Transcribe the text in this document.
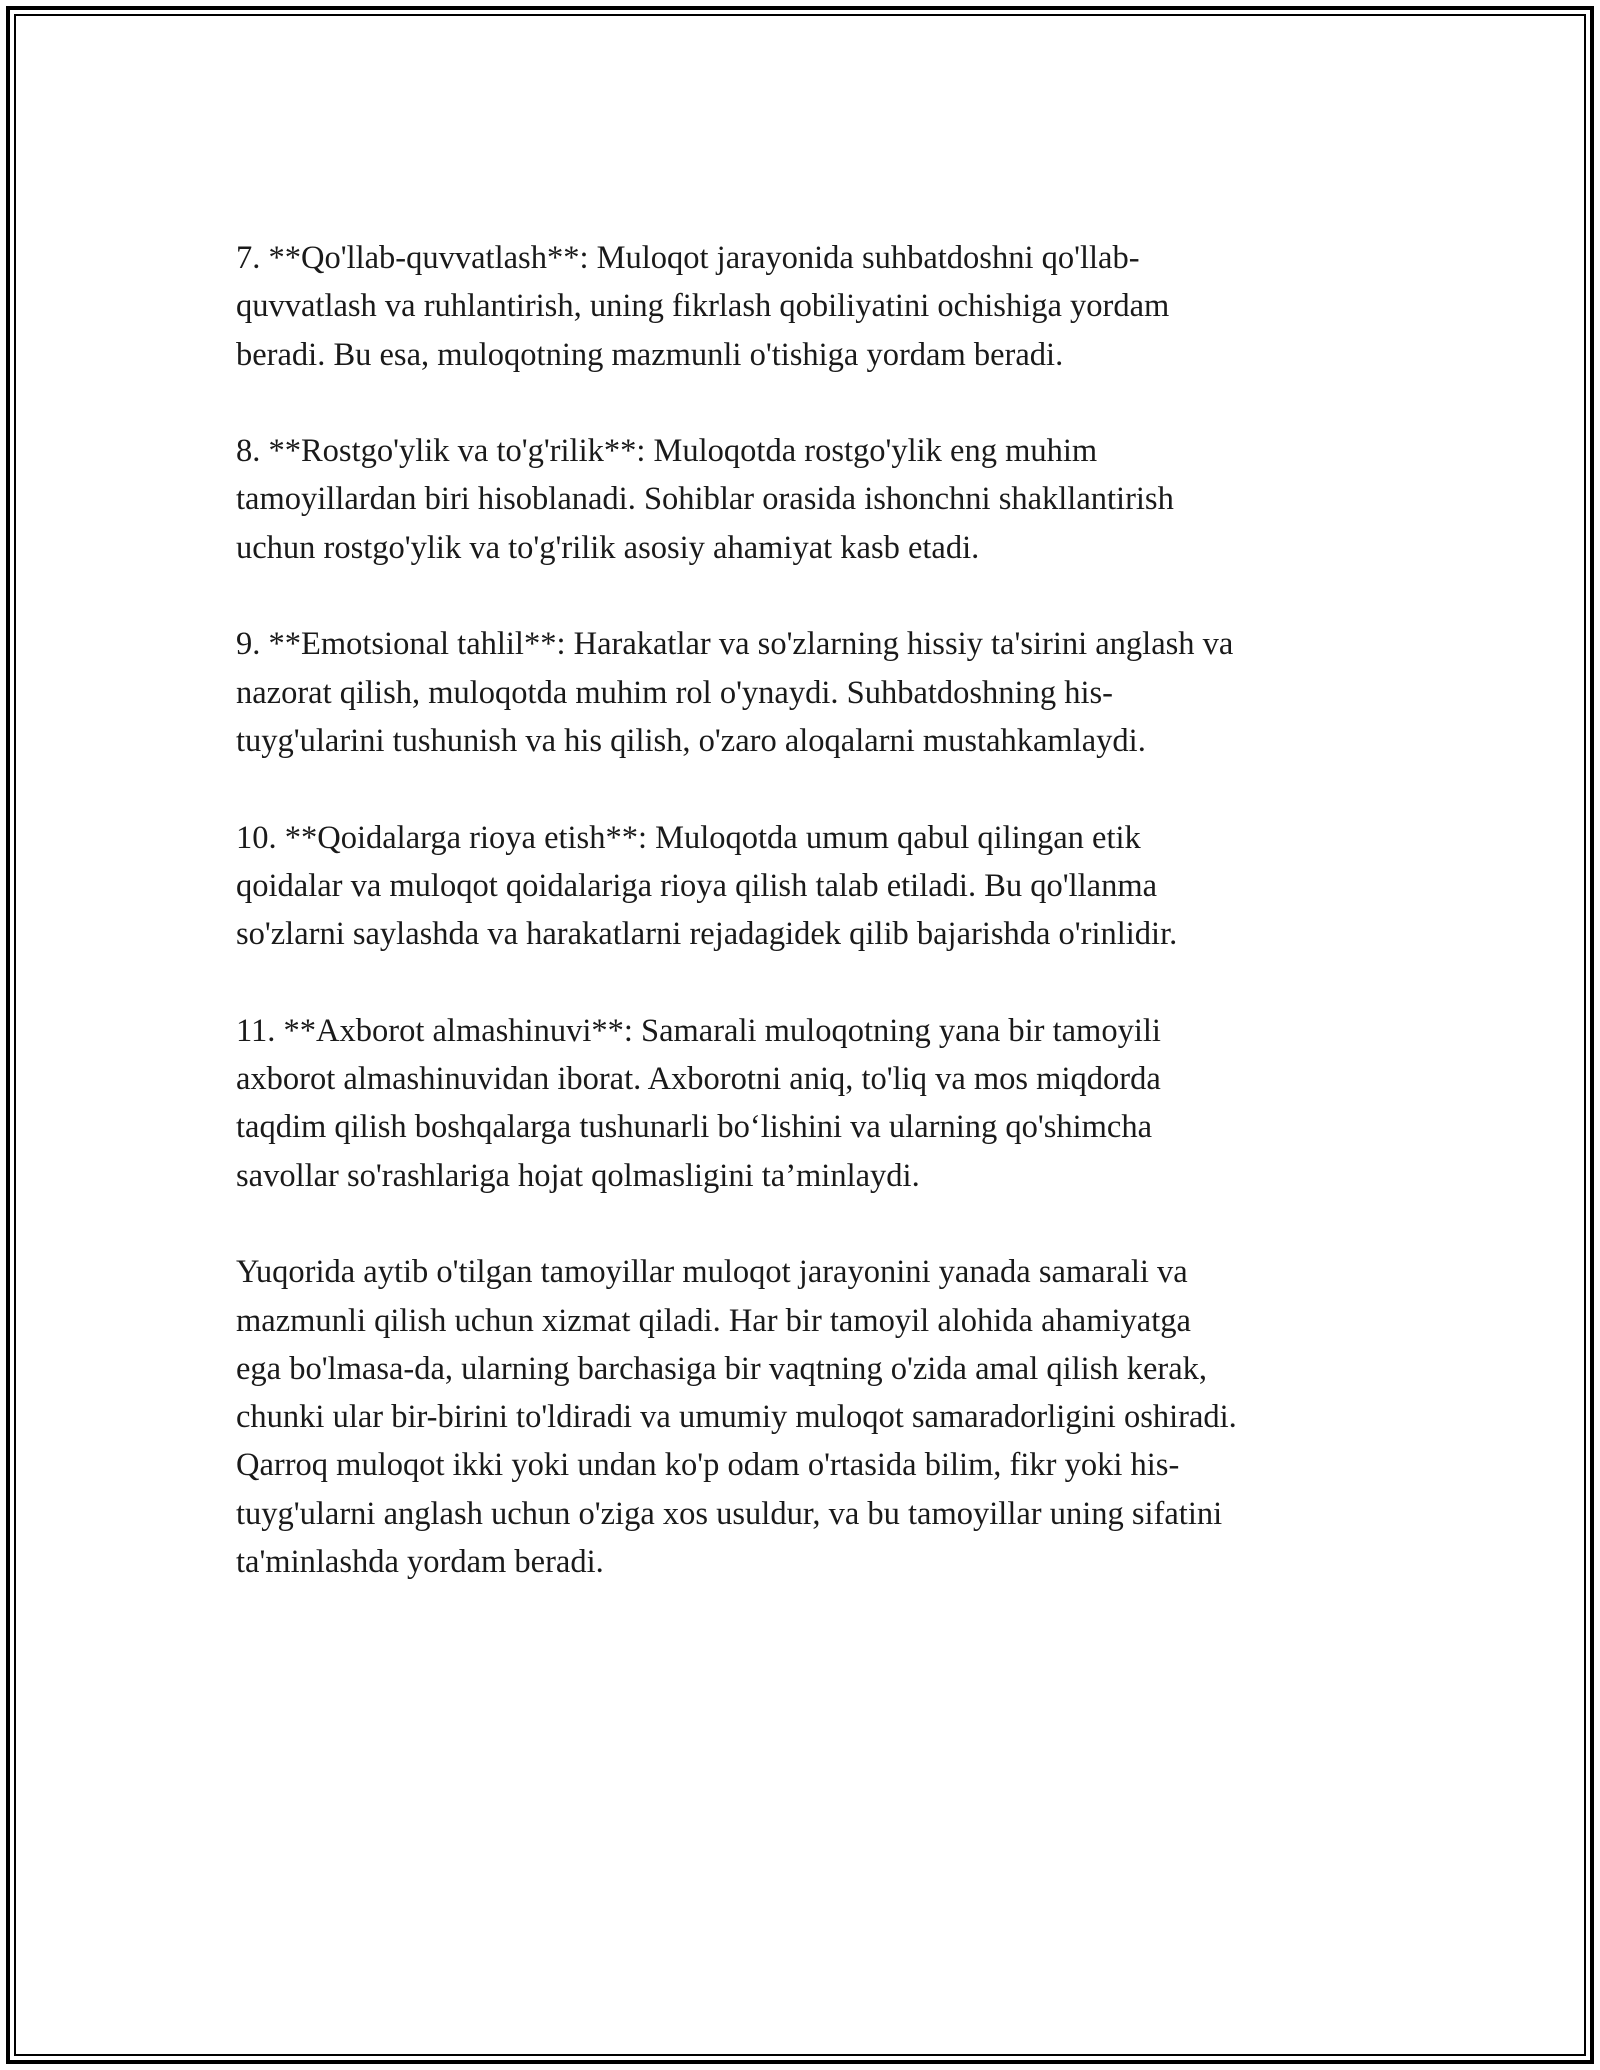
7. **Qo'llab-quvvatlash**: Muloqot jarayonida suhbatdoshni qo'llab-
quvvatlash va ruhlantirish, uning fikrlash qobiliyatini ochishiga yordam
beradi. Bu esa, muloqotning mazmunli o'tishiga yordam beradi.

8. **Rostgo'ylik va to'g'rilik**: Muloqotda rostgo'ylik eng muhim
tamoyillardan biri hisoblanadi. Sohiblar orasida ishonchni shakllantirish
uchun rostgo'ylik va to'g'rilik asosiy ahamiyat kasb etadi.

9. **Emotsional tahlil**: Harakatlar va so'zlarning hissiy ta'sirini anglash va
nazorat qilish, muloqotda muhim rol o'ynaydi. Suhbatdoshning his-
tuyg'ularini tushunish va his qilish, o'zaro aloqalarni mustahkamlaydi.

10. **Qoidalarga rioya etish**: Muloqotda umum qabul qilingan etik
qoidalar va muloqot qoidalariga rioya qilish talab etiladi. Bu qo'llanma
so'zlarni saylashda va harakatlarni rejadagidek qilib bajarishda o'rinlidir.

11. **Axborot almashinuvi**: Samarali muloqotning yana bir tamoyili
axborot almashinuvidan iborat. Axborotni aniq, to'liq va mos miqdorda
taqdim qilish boshqalarga tushunarli bo‘lishini va ularning qo'shimcha
savollar so'rashlariga hojat qolmasligini ta’minlaydi.

Yuqorida aytib o'tilgan tamoyillar muloqot jarayonini yanada samarali va
mazmunli qilish uchun xizmat qiladi. Har bir tamoyil alohida ahamiyatga
ega bo'lmasa-da, ularning barchasiga bir vaqtning o'zida amal qilish kerak,
chunki ular bir-birini to'ldiradi va umumiy muloqot samaradorligini oshiradi.
Qarroq muloqot ikki yoki undan ko'p odam o'rtasida bilim, fikr yoki his-
tuyg'ularni anglash uchun o'ziga xos usuldur, va bu tamoyillar uning sifatini
ta'minlashda yordam beradi.
